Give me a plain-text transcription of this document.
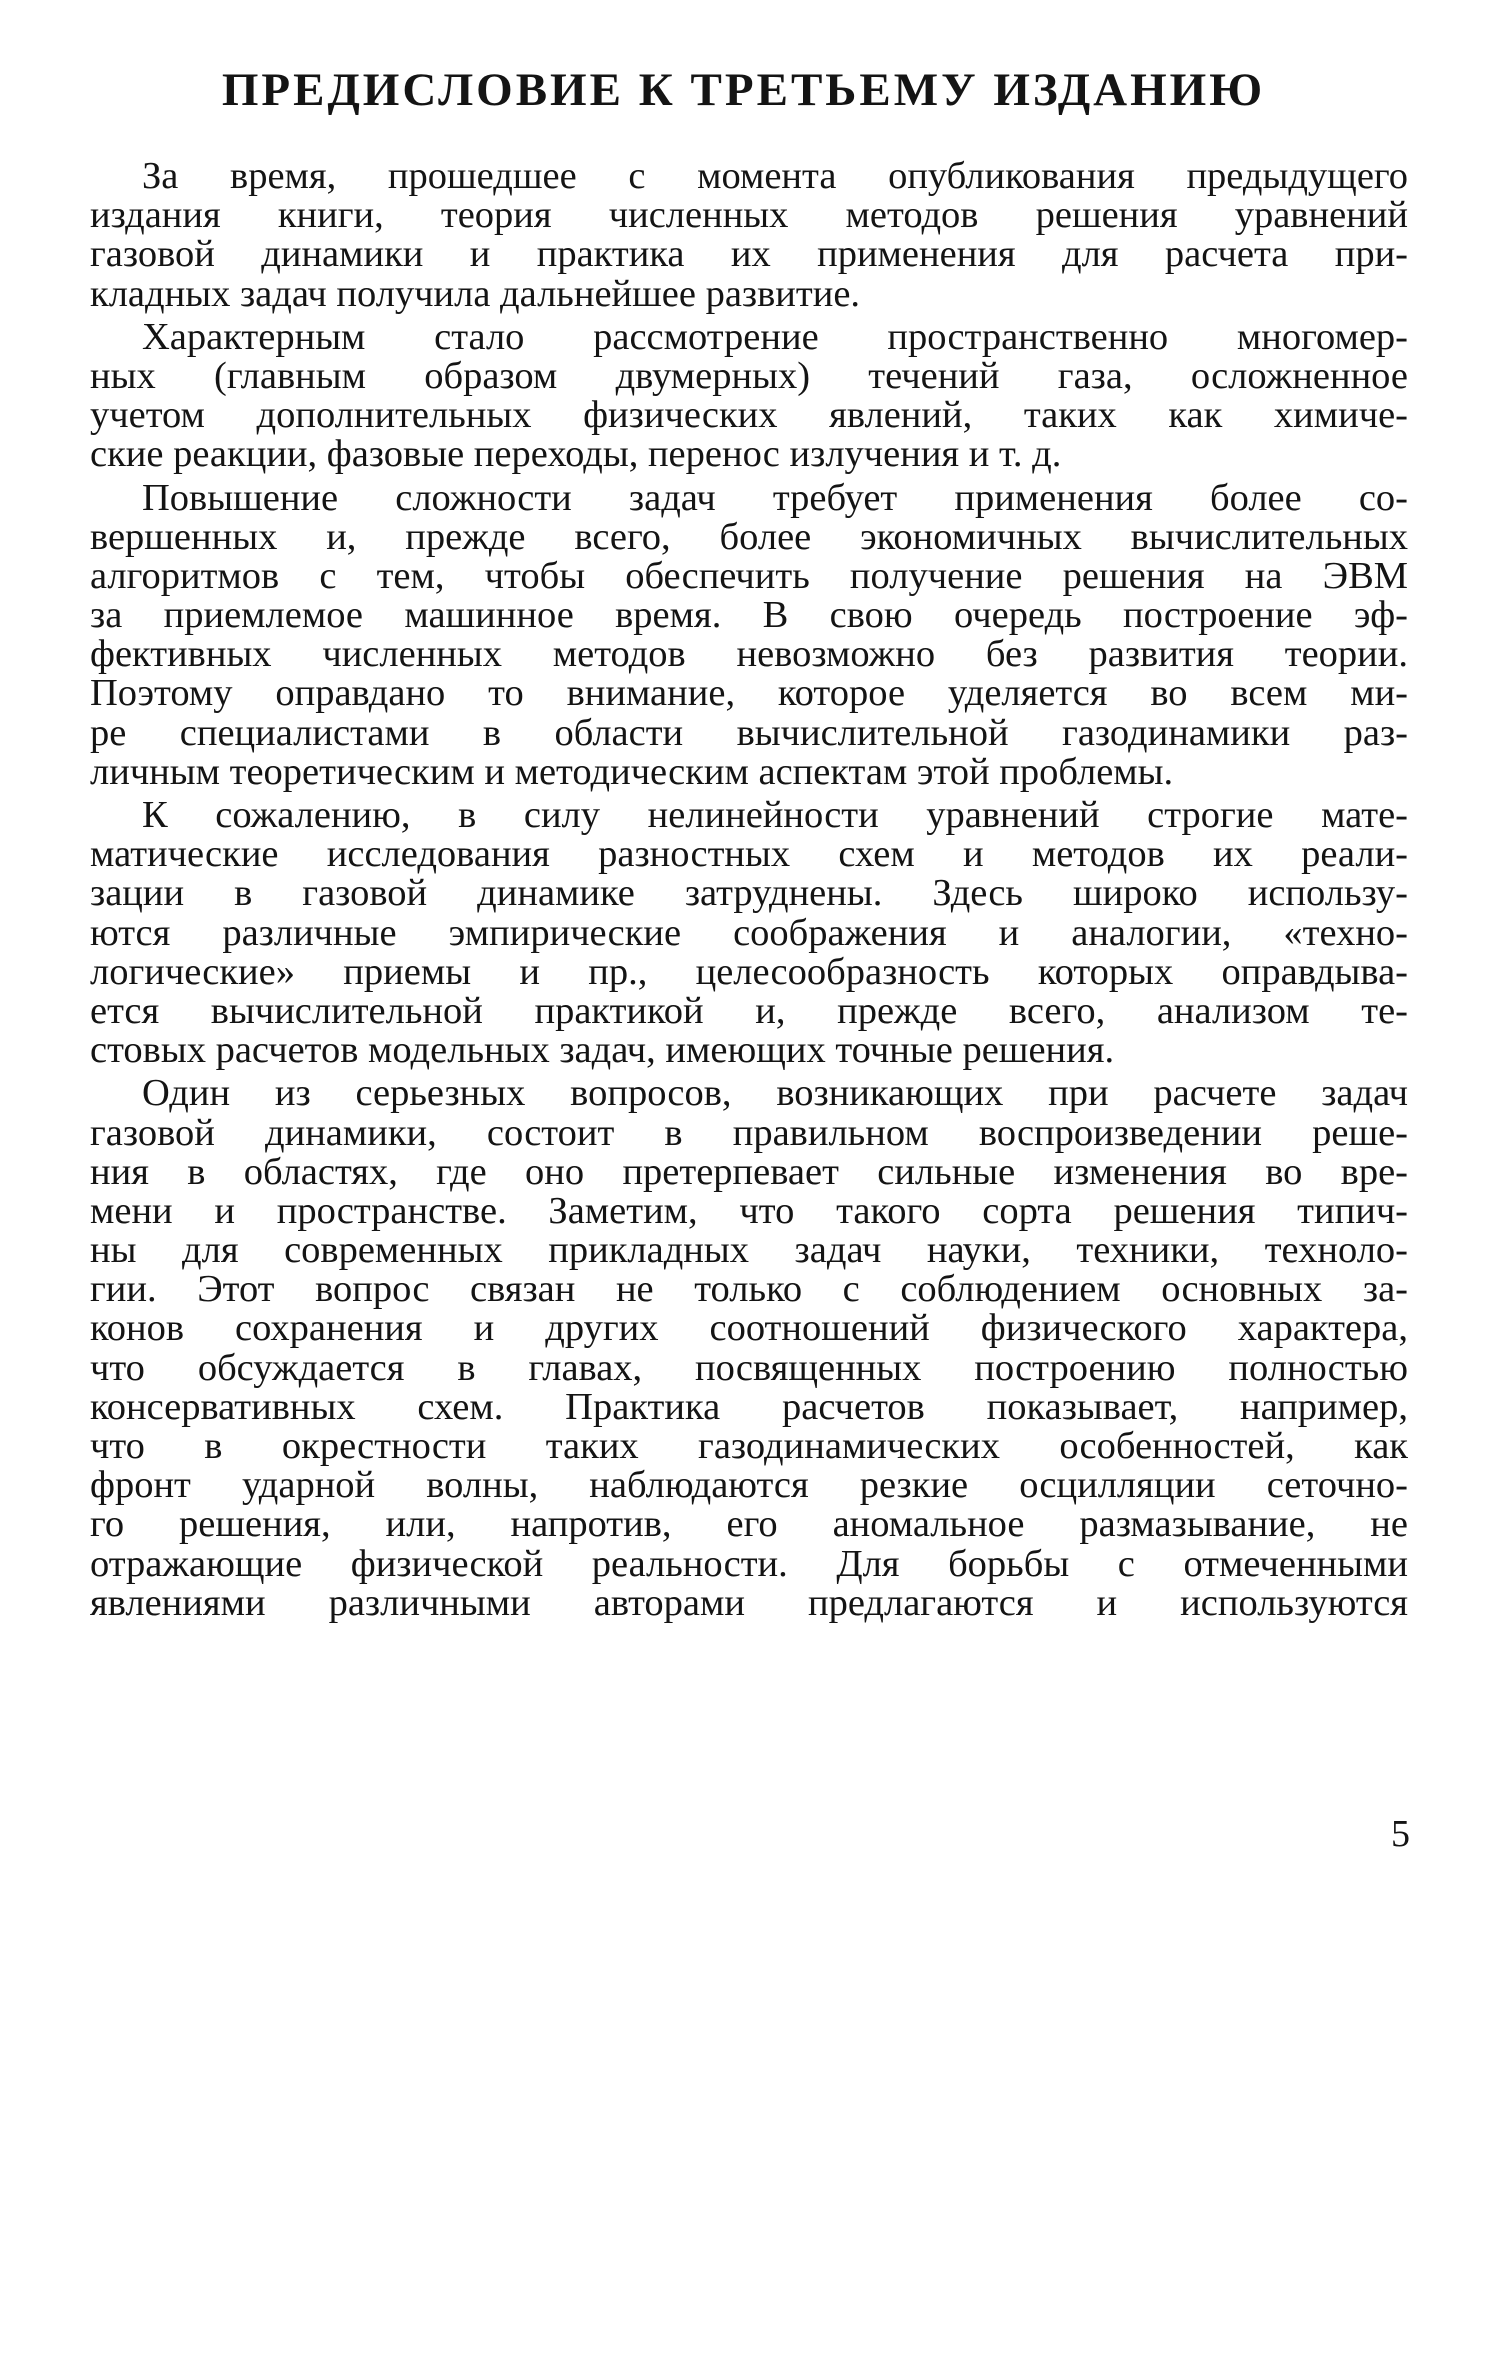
ПРЕДИСЛОВИЕ К ТРЕТЬЕМУ ИЗДАНИЮ
За время, прошедшее с момента опубликования предыдущего
издания книги, теория численных методов решения уравнений
газовой динамики и практика их применения для расчета при-
кладных задач получила дальнейшее развитие.
Характерным стало рассмотрение пространственно многомер-
ных (главным образом двумерных) течений газа, осложненное
учетом дополнительных физических явлений, таких как химиче-
ские реакции, фазовые переходы, перенос излучения и т. д.
Повышение сложности задач требует применения более со-
вершенных и, прежде всего, более экономичных вычислительных
алгоритмов с тем, чтобы обеспечить получение решения на ЭВМ
за приемлемое машинное время. В свою очередь построение эф-
фективных численных методов невозможно без развития теории.
Поэтому оправдано то внимание, которое уделяется во всем ми-
ре специалистами в области вычислительной газодинамики раз-
личным теоретическим и методическим аспектам этой проблемы.
К сожалению, в силу нелинейности уравнений строгие мате-
матические исследования разностных схем и методов их реали-
зации в газовой динамике затруднены. Здесь широко использу-
ются различные эмпирические соображения и аналогии, «техно-
логические» приемы и пр., целесообразность которых оправдыва-
ется вычислительной практикой и, прежде всего, анализом те-
стовых расчетов модельных задач, имеющих точные решения.
Один из серьезных вопросов, возникающих при расчете задач
газовой динамики, состоит в правильном воспроизведении реше-
ния в областях, где оно претерпевает сильные изменения во вре-
мени и пространстве. Заметим, что такого сорта решения типич-
ны для современных прикладных задач науки, техники, техноло-
гии. Этот вопрос связан не только с соблюдением основных за-
конов сохранения и других соотношений физического характера,
что обсуждается в главах, посвященных построению полностью
консервативных схем. Практика расчетов показывает, например,
что в окрестности таких газодинамических особенностей, как
фронт ударной волны, наблюдаются резкие осцилляции сеточно-
го решения, или, напротив, его аномальное размазывание, не
отражающие физической реальности. Для борьбы с отмеченными
явлениями различными авторами предлагаются и используются
5
